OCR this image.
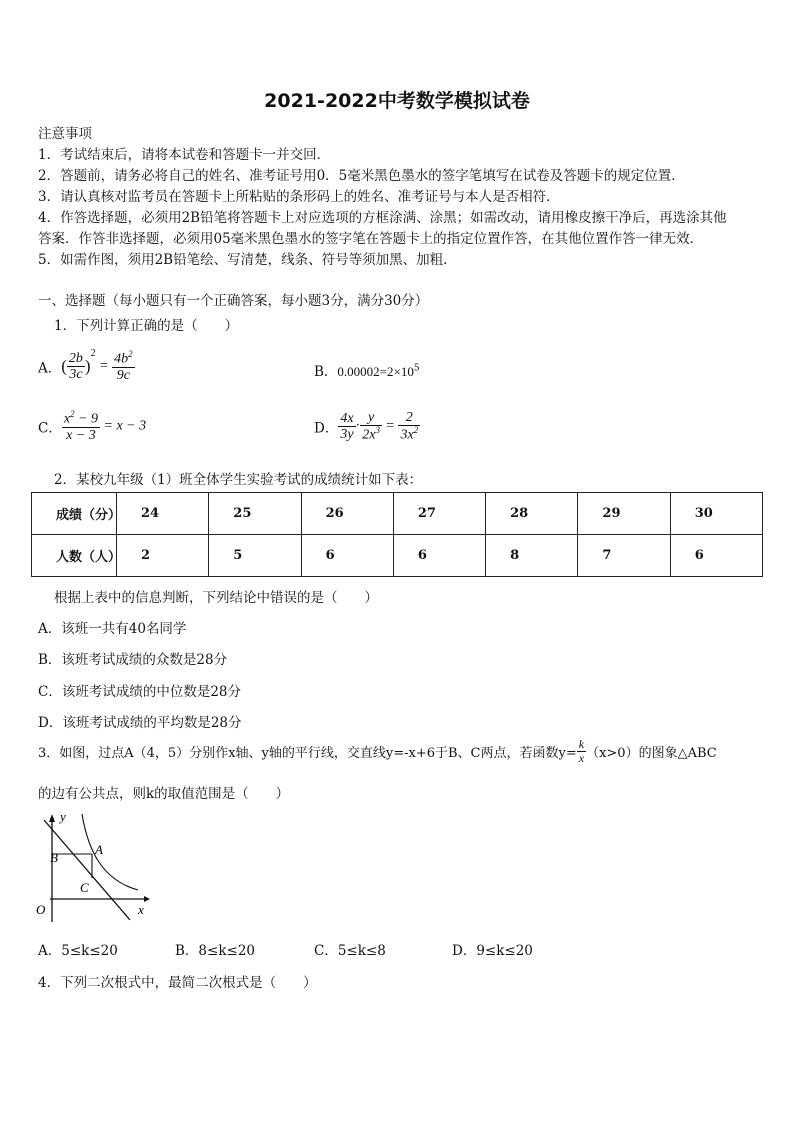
2021-2022中考数学模拟试卷
注意事项
1．考试结束后，请将本试卷和答题卡一并交回．
2．答题前，请务必将自己的姓名、准考证号用0．5毫米黑色墨水的签字笔填写在试卷及答题卡的规定位置．
3．请认真核对监考员在答题卡上所粘贴的条形码上的姓名、准考证号与本人是否相符．
4．作答选择题，必须用2B铅笔将答题卡上对应选项的方框涂满、涂黑；如需改动，请用橡皮擦干净后，再选涂其他
答案．作答非选择题，必须用05毫米黑色墨水的签字笔在答题卡上的指定位置作答，在其他位置作答一律无效．
5．如需作图，须用2B铅笔绘、写清楚，线条、符号等须加黑、加粗．
一、选择题（每小题只有一个正确答案，每小题3分，满分30分）
1．下列计算正确的是（　　）
A．( $\frac{2b}{3c} )^2 = \frac{4b^2}{9c}$	B．$0.00002=2\times 10^5$
C． $\frac{x^2 - 9}{x - 3} = x - 3$	D． $\frac{4x}{3y} \cdot \frac{y}{2x^3} = \frac{2}{3x^2}$
2．某校九年级（1）班全体学生实验考试的成绩统计如下表：
成绩（分）	24	25	26	27	28	29	30
人数（人）	2	5	6	6	8	7	6
根据上表中的信息判断，下列结论中错误的是（　　）
A．该班一共有40名同学
B．该班考试成绩的众数是28分
C．该班考试成绩的中位数是28分
D．该班考试成绩的平均数是28分
3．如图，过点A（4，5）分别作x轴、y轴的平行线，交直线y=-x+6于B、C两点，若函数$y= \frac{k}{x} (x>0)$的图象△ABC
的边有公共点，则k的取值范围是（　　）
y
x
O
A
B
C
A．5≤k≤20	B．8≤k≤20	C．5≤k≤8	D．9≤k≤20
4．下列二次根式中，最简二次根式是（　　）
